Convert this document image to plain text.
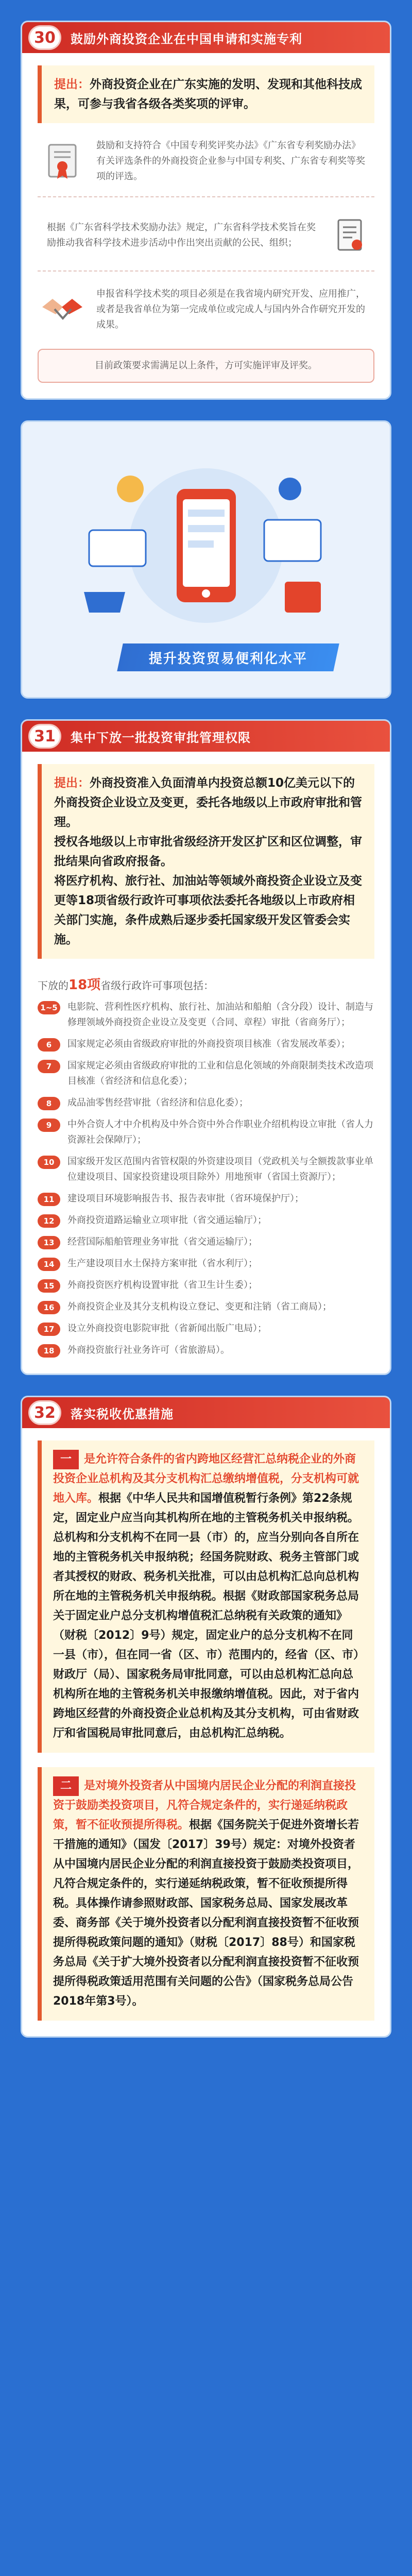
30	鼓励外商投资企业在中国申请和实施专利
提出：外商投资企业在广东实施的发明、发现和其他科技成果，可参与我省各级各类奖项的评审。
鼓励和支持符合《中国专利奖评奖办法》《广东省专利奖励办法》有关评选条件的外商投资企业参与中国专利奖、广东省专利奖等奖项的评选。
根据《广东省科学技术奖励办法》规定，广东省科学技术奖旨在奖励推动我省科学技术进步活动中作出突出贡献的公民、组织；
申报省科学技术奖的项目必须是在我省境内研究开发、应用推广，或者是我省单位为第一完成单位或完成人与国内外合作研究开发的成果。
目前政策要求需满足以上条件，方可实施评审及评奖。
提升投资贸易便利化水平
31	集中下放一批投资审批管理权限
提出：外商投资准入负面清单内投资总额10亿美元以下的外商投资企业设立及变更，委托各地级以上市政府审批和管理。
授权各地级以上市审批省级经济开发区扩区和区位调整，审批结果向省政府报备。
将医疗机构、旅行社、加油站等领域外商投资企业设立及变更等18项省级行政许可事项依法委托各地级以上市政府相关部门实施，条件成熟后逐步委托国家级开发区管委会实施。
下放的18项省级行政许可事项包括：
1~5	电影院、营利性医疗机构、旅行社、加油站和船舶（含分段）设计、制造与修理领域外商投资企业设立及变更（合同、章程）审批（省商务厅）；
6	国家规定必须由省级政府审批的外商投资项目核准（省发展改革委）；
7	国家规定必须由省级政府审批的工业和信息化领域的外商限制类技术改造项目核准（省经济和信息化委）；
8	成品油零售经营审批（省经济和信息化委）；
9	中外合资人才中介机构及中外合资中外合作职业介绍机构设立审批（省人力资源社会保障厅）；
10	国家级开发区范围内省管权限的外资建设项目（党政机关与全额拨款事业单位建设项目、国家投资建设项目除外）用地预审（省国土资源厅）；
11	建设项目环境影响报告书、报告表审批（省环境保护厅）；
12	外商投资道路运输业立项审批（省交通运输厅）；
13	经营国际船舶管理业务审批（省交通运输厅）；
14	生产建设项目水土保持方案审批（省水利厅）；
15	外商投资医疗机构设置审批（省卫生计生委）；
16	外商投资企业及其分支机构设立登记、变更和注销（省工商局）；
17	设立外商投资电影院审批（省新闻出版广电局）；
18	外商投资旅行社业务许可（省旅游局）。
32	落实税收优惠措施
一 是允许符合条件的省内跨地区经营汇总纳税企业的外商投资企业总机构及其分支机构汇总缴纳增值税，分支机构可就地入库。根据《中华人民共和国增值税暂行条例》第22条规定，固定业户应当向其机构所在地的主管税务机关申报纳税。总机构和分支机构不在同一县（市）的，应当分别向各自所在地的主管税务机关申报纳税；经国务院财政、税务主管部门或者其授权的财政、税务机关批准，可以由总机构汇总向总机构所在地的主管税务机关申报纳税。根据《财政部国家税务总局关于固定业户总分支机构增值税汇总纳税有关政策的通知》（财税〔2012〕9号）规定，固定业户的总分支机构不在同一县（市），但在同一省（区、市）范围内的，经省（区、市）财政厅（局）、国家税务局审批同意，可以由总机构汇总向总机构所在地的主管税务机关申报缴纳增值税。因此，对于省内跨地区经营的外商投资企业总机构及其分支机构，可由省财政厅和省国税局审批同意后，由总机构汇总纳税。
二 是对境外投资者从中国境内居民企业分配的利润直接投资于鼓励类投资项目，凡符合规定条件的，实行递延纳税政策，暂不征收预提所得税。根据《国务院关于促进外资增长若干措施的通知》（国发〔2017〕39号）规定：对境外投资者从中国境内居民企业分配的利润直接投资于鼓励类投资项目，凡符合规定条件的，实行递延纳税政策，暂不征收预提所得税。具体操作请参照财政部、国家税务总局、国家发展改革委、商务部《关于境外投资者以分配利润直接投资暂不征收预提所得税政策问题的通知》（财税〔2017〕88号）和国家税务总局《关于扩大境外投资者以分配利润直接投资暂不征收预提所得税政策适用范围有关问题的公告》（国家税务总局公告2018年第3号）。
